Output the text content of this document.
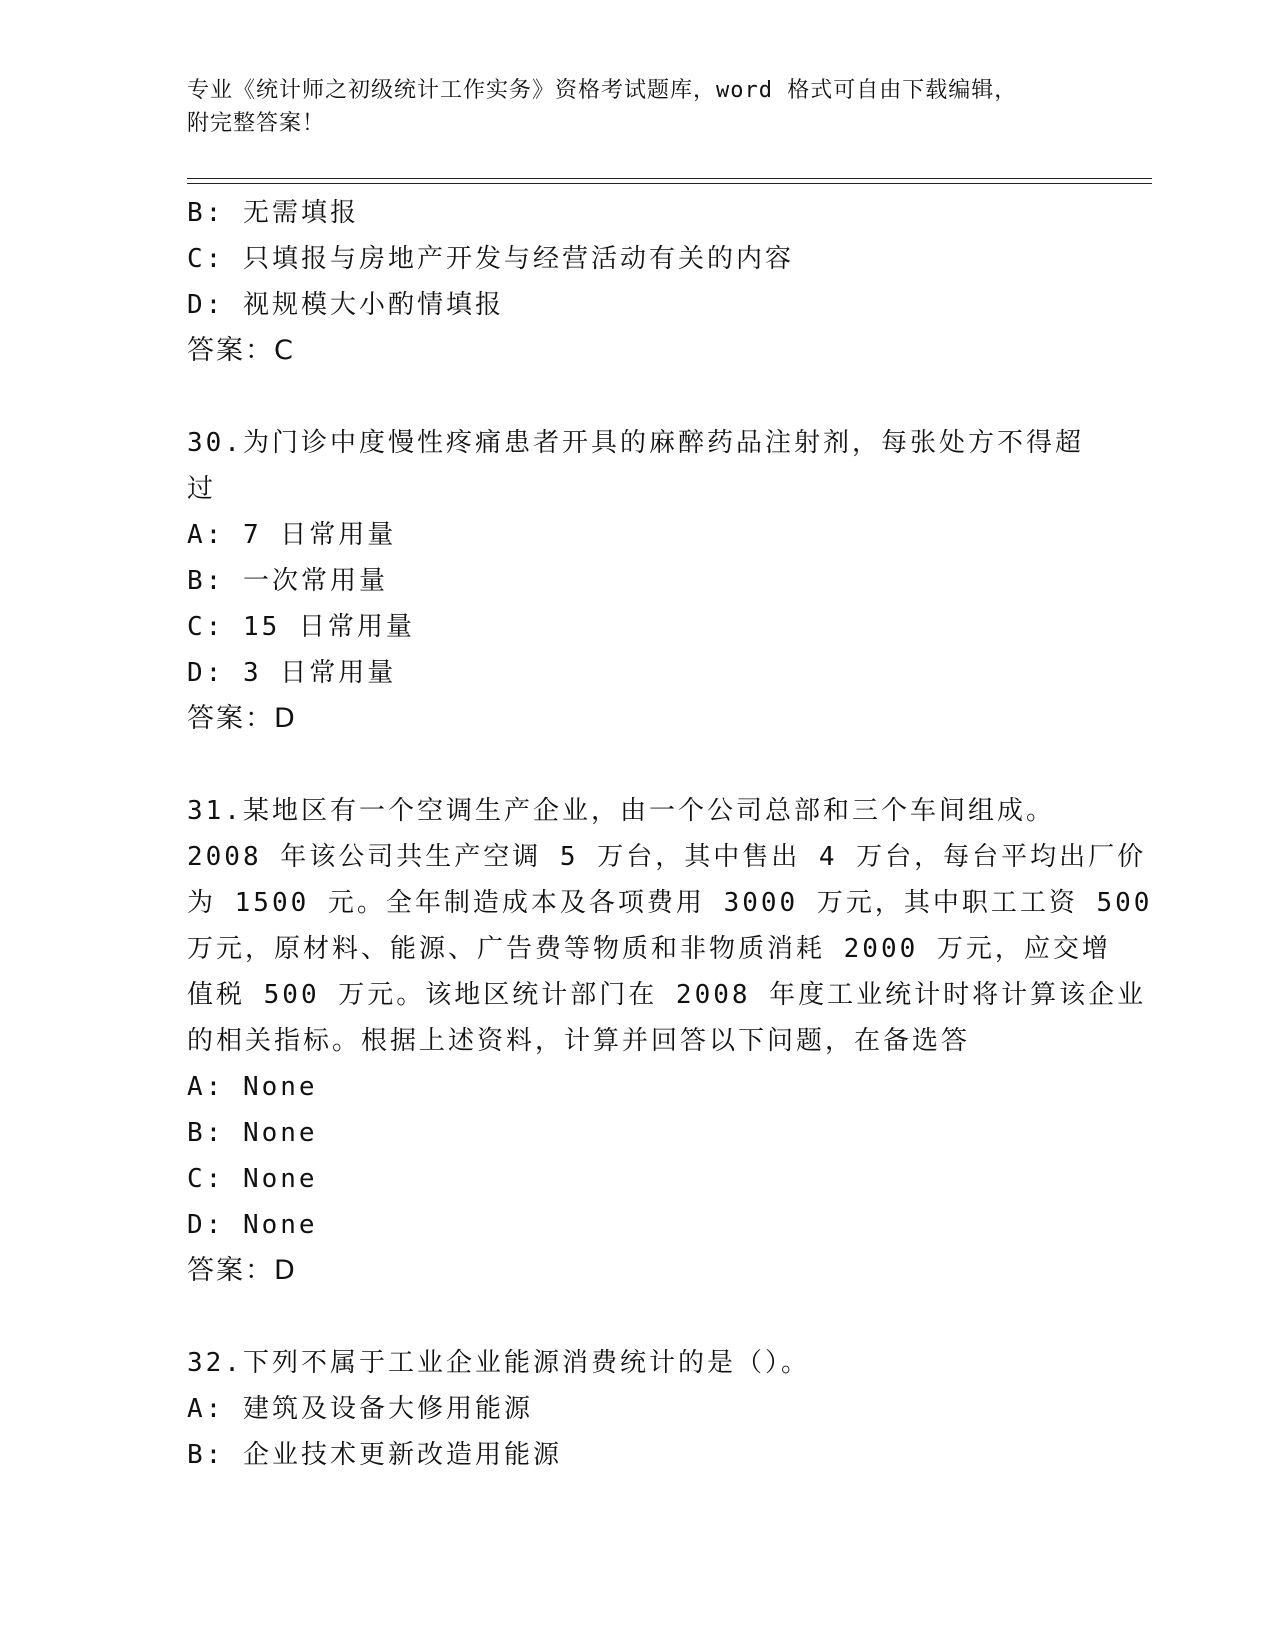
专业《统计师之初级统计工作实务》资格考试题库，word 格式可自由下载编辑，
附完整答案！
B: 无需填报
C: 只填报与房地产开发与经营活动有关的内容
D: 视规模大小酌情填报
答案：C
30.为门诊中度慢性疼痛患者开具的麻醉药品注射剂，每张处方不得超
过
A: 7 日常用量
B: 一次常用量
C: 15 日常用量
D: 3 日常用量
答案：D
31.某地区有一个空调生产企业，由一个公司总部和三个车间组成。
2008 年该公司共生产空调 5 万台，其中售出 4 万台，每台平均出厂价
为 1500 元。全年制造成本及各项费用 3000 万元，其中职工工资 500
万元，原材料、能源、广告费等物质和非物质消耗 2000 万元，应交增
值税 500 万元。该地区统计部门在 2008 年度工业统计时将计算该企业
的相关指标。根据上述资料，计算并回答以下问题，在备选答
A: None
B: None
C: None
D: None
答案：D
32.下列不属于工业企业能源消费统计的是（）。
A: 建筑及设备大修用能源
B: 企业技术更新改造用能源
